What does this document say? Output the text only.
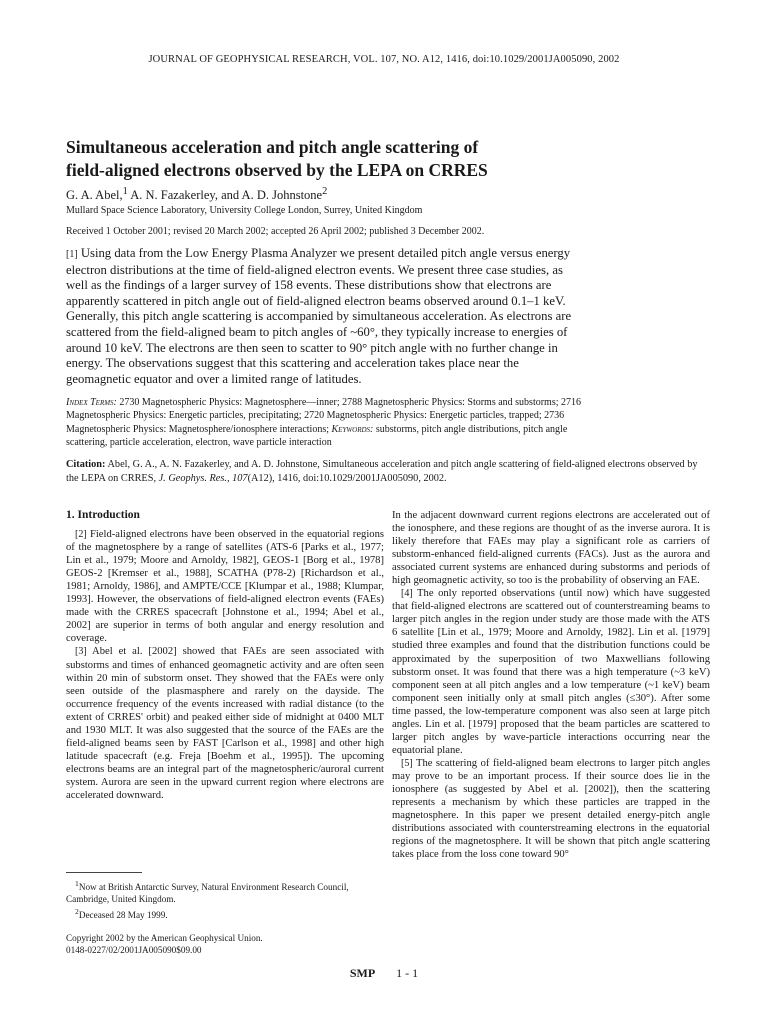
JOURNAL OF GEOPHYSICAL RESEARCH, VOL. 107, NO. A12, 1416, doi:10.1029/2001JA005090, 2002
Simultaneous acceleration and pitch angle scattering of
field-aligned electrons observed by the LEPA on CRRES
G. A. Abel,$^1$ A. N. Fazakerley, and A. D. Johnstone$^2$
Mullard Space Science Laboratory, University College London, Surrey, United Kingdom
Received 1 October 2001; revised 20 March 2002; accepted 26 April 2002; published 3 December 2002.

[1] Using data from the Low Energy Plasma Analyzer we present detailed pitch angle versus energy electron distributions at the time of field-aligned electron events. We present three case studies, as well as the findings of a larger survey of 158 events. These distributions show that electrons are apparently scattered in pitch angle out of field-aligned electron beams observed around 0.1–1 keV. Generally, this pitch angle scattering is accompanied by simultaneous acceleration. As electrons are scattered from the field-aligned beam to pitch angles of ~60°, they typically increase to energies of around 10 keV. The electrons are then seen to scatter to 90° pitch angle with no further change in energy. The observations suggest that this scattering and acceleration takes place near the geomagnetic equator and over a limited range of latitudes.

Index Terms: 2730 Magnetospheric Physics: Magnetosphere—inner; 2788 Magnetospheric Physics: Storms and substorms; 2716 Magnetospheric Physics: Energetic particles, precipitating; 2720 Magnetospheric Physics: Energetic particles, trapped; 2736 Magnetospheric Physics: Magnetosphere/ionosphere interactions; Keywords: substorms, pitch angle distributions, pitch angle scattering, particle acceleration, electron, wave particle interaction

Citation: Abel, G. A., A. N. Fazakerley, and A. D. Johnstone, Simultaneous acceleration and pitch angle scattering of field-aligned electrons observed by the LEPA on CRRES, J. Geophys. Res., 107(A12), 1416, doi:10.1029/2001JA005090, 2002.

1. Introduction

[2] Field-aligned electrons have been observed in the equatorial regions of the magnetosphere by a range of satellites (ATS-6 [Parks et al., 1977; Lin et al., 1979; Moore and Arnoldy, 1982], GEOS-1 [Borg et al., 1978] GEOS-2 [Kremser et al., 1988], SCATHA (P78-2) [Richardson et al., 1981; Arnoldy, 1986], and AMPTE/CCE [Klumpar et al., 1988; Klumpar, 1993]. However, the observations of field-aligned electron events (FAEs) made with the CRRES spacecraft [Johnstone et al., 1994; Abel et al., 2002] are superior in terms of both angular and energy resolution and coverage.

[3] Abel et al. [2002] showed that FAEs are seen associated with substorms and times of enhanced geomagnetic activity and are often seen within 20 min of substorm onset. They showed that the FAEs were only seen outside of the plasmasphere and rarely on the dayside. The occurrence frequency of the events increased with radial distance (to the extent of CRRES' orbit) and peaked either side of midnight at 0400 MLT and 1930 MLT. It was also suggested that the source of the FAEs are the field-aligned beams seen by FAST [Carlson et al., 1998] and other high latitude spacecraft (e.g. Freja [Boehm et al., 1995]). The upcoming electrons beams are an integral part of the magnetospheric/auroral current system. Aurora are seen in the upward current region where electrons are accelerated downward.

In the adjacent downward current regions electrons are accelerated out of the ionosphere, and these regions are thought of as the inverse aurora. It is likely therefore that FAEs may play a significant role as carriers of substorm-enhanced field-aligned currents (FACs). Just as the aurora and associated current systems are enhanced during substorms and periods of high geomagnetic activity, so too is the probability of observing an FAE.

[4] The only reported observations (until now) which have suggested that field-aligned electrons are scattered out of counterstreaming beams to larger pitch angles in the region under study are those made with the ATS 6 satellite [Lin et al., 1979; Moore and Arnoldy, 1982]. Lin et al. [1979] studied three examples and found that the distribution functions could be approximated by the superposition of two Maxwellians following substorm onset. It was found that there was a high temperature (~3 keV) component seen at all pitch angles and a low temperature (~1 keV) beam component seen initially only at small pitch angles (≤30°). After some time passed, the low-temperature component was also seen at large pitch angles. Lin et al. [1979] proposed that the beam particles are scattered to larger pitch angles by wave-particle interactions occurring near the equatorial plane.

[5] The scattering of field-aligned beam electrons to larger pitch angles may prove to be an important process. If their source does lie in the ionosphere (as suggested by Abel et al. [2002]), then the scattering represents a mechanism by which these particles are trapped in the magnetosphere. In this paper we present detailed energy-pitch angle distributions associated with counterstreaming electrons in the equatorial regions of the magnetosphere. It will be shown that pitch angle scattering takes place from the loss cone toward 90°

$^1$Now at British Antarctic Survey, Natural Environment Research Council, Cambridge, United Kingdom.

$^2$Deceased 28 May 1999.

Copyright 2002 by the American Geophysical Union.

0148-0227/02/2001JA005090$09.00

SMP 1 - 1
